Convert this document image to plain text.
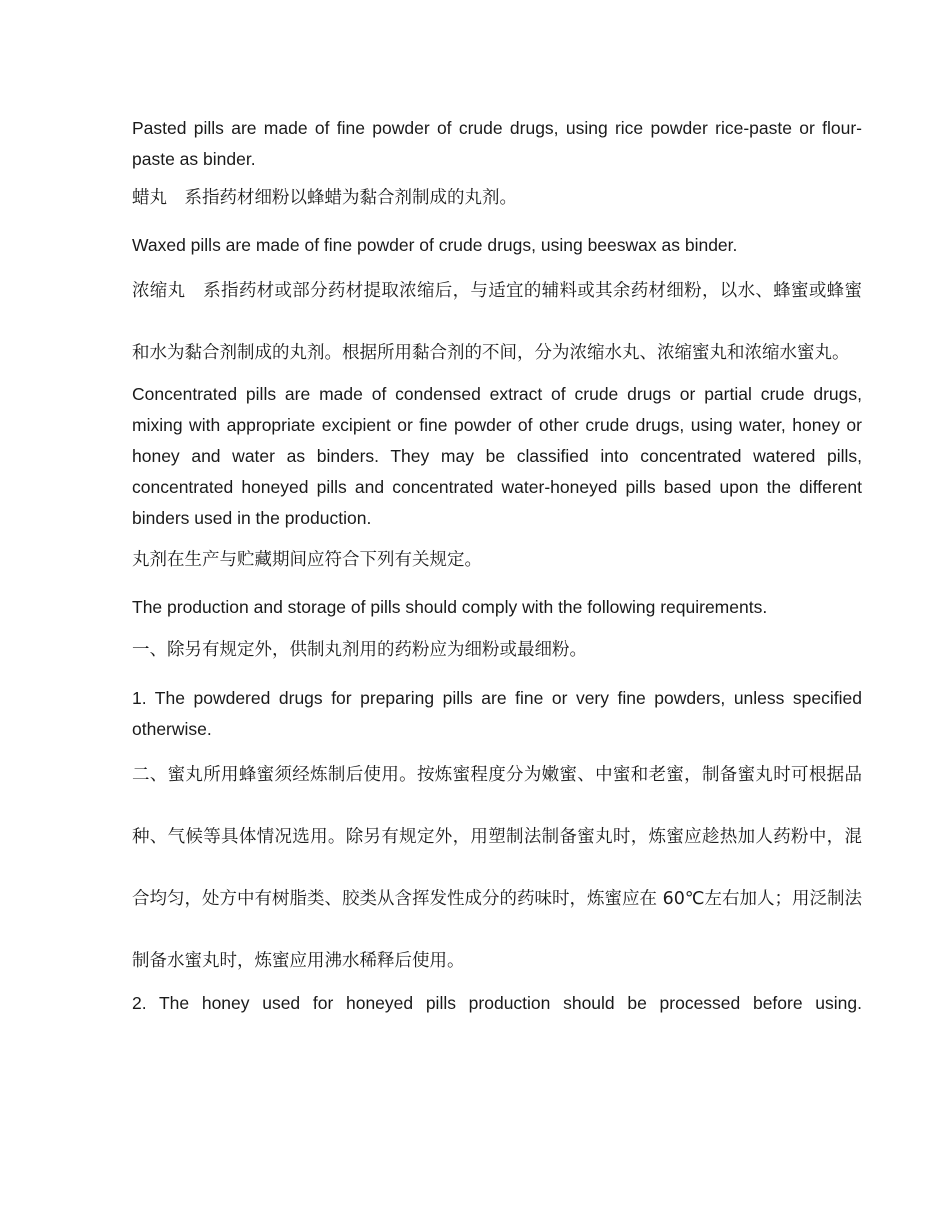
Pasted pills are made of fine powder of crude drugs, using rice powder rice-paste or flour-paste as binder.

蜡丸　系指药材细粉以蜂蜡为黏合剂制成的丸剂。

Waxed pills are made of fine powder of crude drugs, using beeswax as binder.

浓缩丸　系指药材或部分药材提取浓缩后，与适宜的辅料或其余药材细粉，以水、蜂蜜或蜂蜜和水为黏合剂制成的丸剂。根据所用黏合剂的不间，分为浓缩水丸、浓缩蜜丸和浓缩水蜜丸。

Concentrated pills are made of condensed extract of crude drugs or partial crude drugs, mixing with appropriate excipient or fine powder of other crude drugs, using water, honey or honey and water as binders. They may be classified into concentrated watered pills, concentrated honeyed pills and concentrated water-honeyed pills based upon the different binders used in the production.

丸剂在生产与贮藏期间应符合下列有关规定。

The production and storage of pills should comply with the following requirements.

一、除另有规定外，供制丸剂用的药粉应为细粉或最细粉。

1. The powdered drugs for preparing pills are fine or very fine powders, unless specified otherwise.

二、蜜丸所用蜂蜜须经炼制后使用。按炼蜜程度分为嫩蜜、中蜜和老蜜，制备蜜丸时可根据品种、气候等具体情况选用。除另有规定外，用塑制法制备蜜丸时，炼蜜应趁热加人药粉中，混合均匀，处方中有树脂类、胶类从含挥发性成分的药味时，炼蜜应在 60℃左右加人；用泛制法制备水蜜丸时，炼蜜应用沸水稀释后使用。

2. The honey used for honeyed pills production should be processed before using.
